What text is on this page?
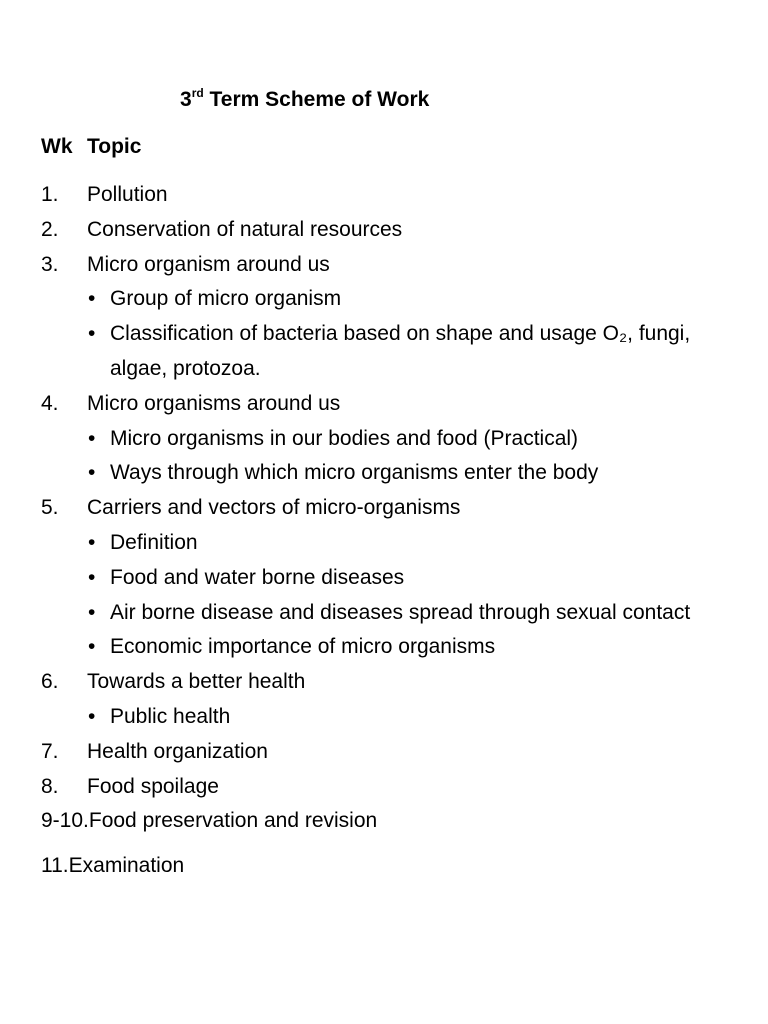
3rd Term Scheme of Work
Wk Topic
1. Pollution
2. Conservation of natural resources
3. Micro organism around us
• Group of micro organism
• Classification of bacteria based on shape and usage O₂, fungi, algae, protozoa.
4. Micro organisms around us
• Micro organisms in our bodies and food (Practical)
• Ways through which micro organisms enter the body
5. Carriers and vectors of micro-organisms
• Definition
• Food and water borne diseases
• Air borne disease and diseases spread through sexual contact
• Economic importance of micro organisms
6. Towards a better health
• Public health
7. Health organization
8. Food spoilage
9-10.Food preservation and revision
11.Examination
